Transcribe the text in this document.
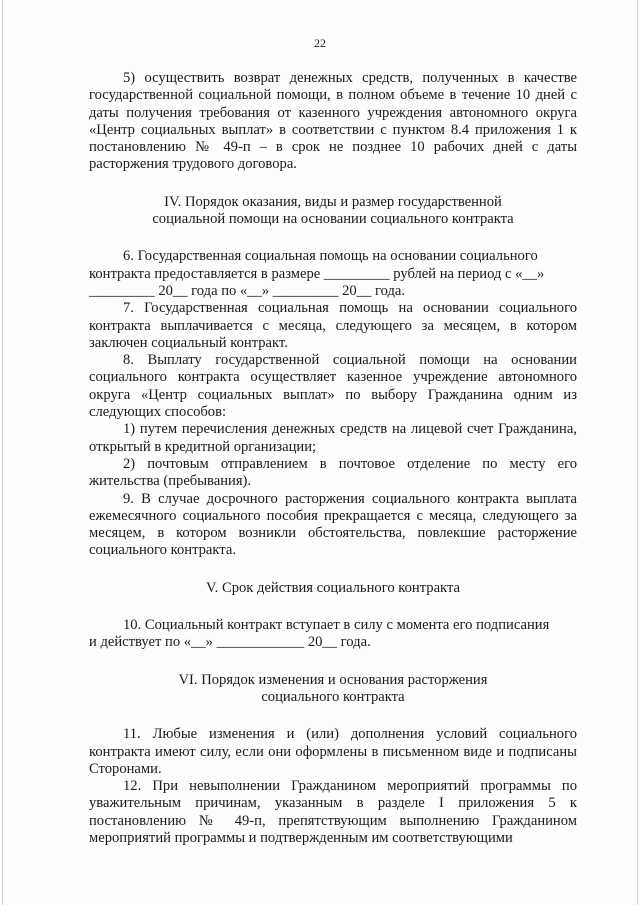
22

5) осуществить возврат денежных средств, полученных в качестве государственной социальной помощи, в полном объеме в течение 10 дней с даты получения требования от казенного учреждения автономного округа «Центр социальных выплат» в соответствии с пунктом 8.4 приложения 1 к постановлению № 49-п – в срок не позднее 10 рабочих дней с даты расторжения трудового договора.

IV. Порядок оказания, виды и размер государственной
социальной помощи на основании социального контракта
6. Государственная социальная помощь на основании социального
контракта предоставляется в размере _________ рублей на период с «__»
_________ 20__ года по «__» _________ 20__ года.

7. Государственная социальная помощь на основании социального контракта выплачивается с месяца, следующего за месяцем, в котором заключен социальный контракт.

8. Выплату государственной социальной помощи на основании социального контракта осуществляет казенное учреждение автономного округа «Центр социальных выплат» по выбору Гражданина одним из следующих способов:

1) путем перечисления денежных средств на лицевой счет Гражданина, открытый в кредитной организации;

2) почтовым отправлением в почтовое отделение по месту его жительства (пребывания).

9. В случае досрочного расторжения социального контракта выплата ежемесячного социального пособия прекращается с месяца, следующего за месяцем, в котором возникли обстоятельства, повлекшие расторжение социального контракта.

V. Срок действия социального контракта
10. Социальный контракт вступает в силу с момента его подписания
и действует по «__» ____________ 20__ года.
VI. Порядок изменения и основания расторжения
социального контракта

11. Любые изменения и (или) дополнения условий социального контракта имеют силу, если они оформлены в письменном виде и подписаны Сторонами.

12. При невыполнении Гражданином мероприятий программы по уважительным причинам, указанным в разделе I приложения 5 к постановлению № 49-п, препятствующим выполнению Гражданином мероприятий программы и подтвержденным им соответствующими
